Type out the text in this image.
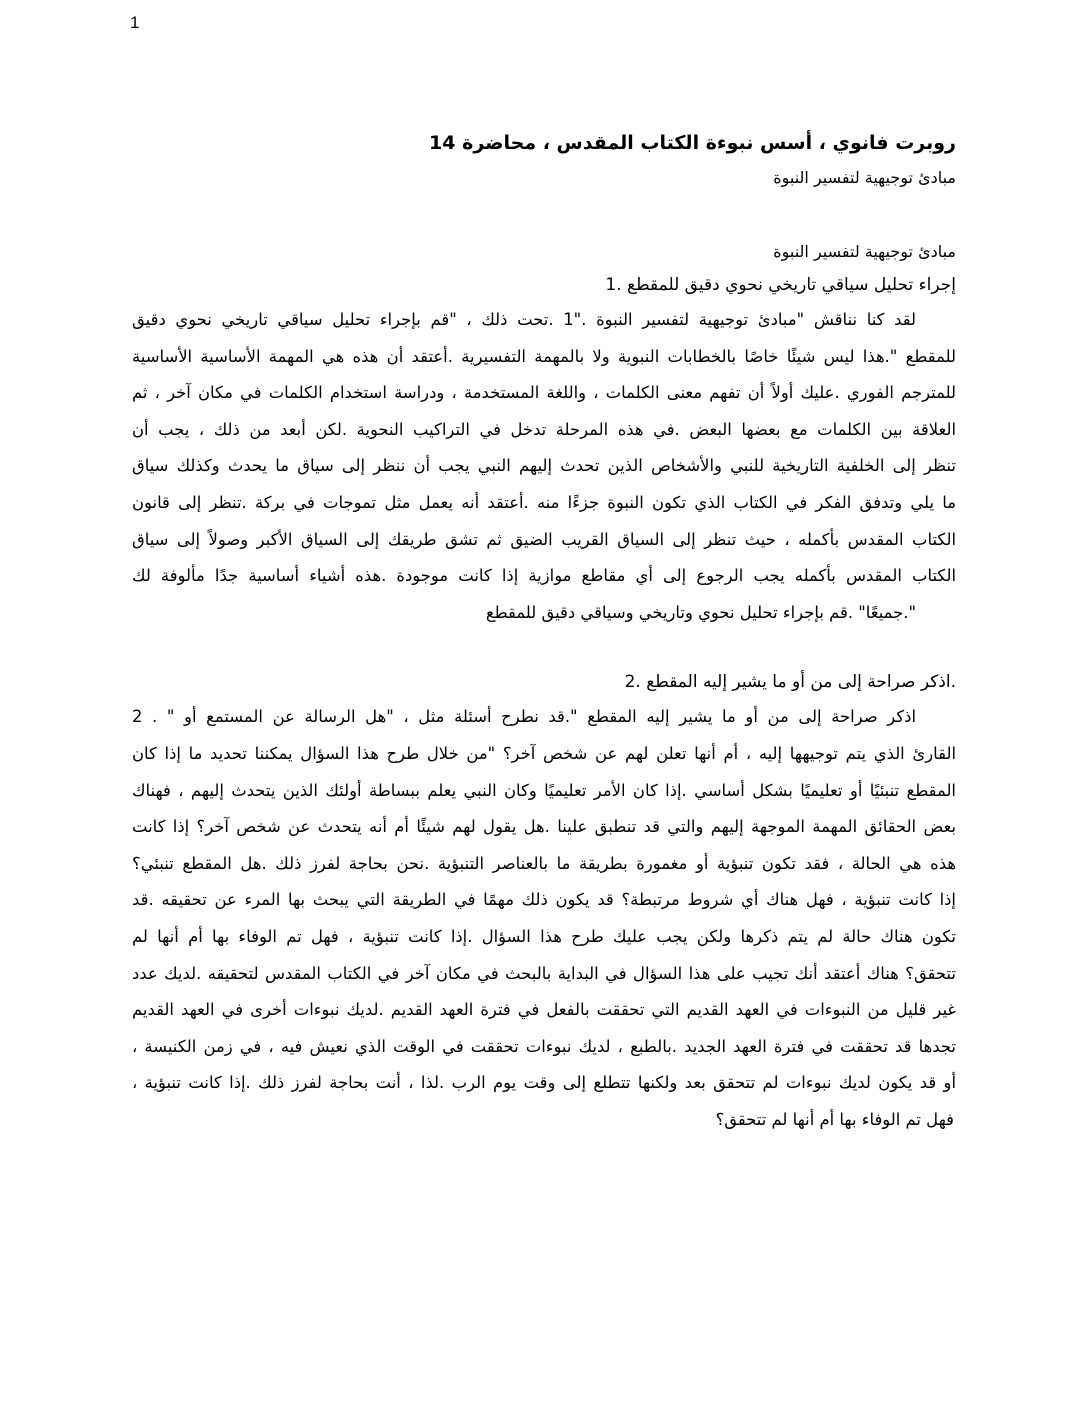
1
روبرت فانوي ، أسس نبوءة الكتاب المقدس ، محاضرة 14

مبادئ توجيهية لتفسير النبوة

مبادئ توجيهية لتفسير النبوة

إجراء تحليل سياقي تاريخي نحوي دقيق للمقطع .1

لقد كنا نناقش "مبادئ توجيهية لتفسير النبوة ."1 .تحت ذلك ، "قم بإجراء تحليل سياقي تاريخي نحوي دقيق
للمقطع ".هذا ليس شيئًا خاصًا بالخطابات النبوية ولا بالمهمة التفسيرية .أعتقد أن هذه هي المهمة الأساسية الأساسية
للمترجم الفوري .عليك أولاً أن تفهم معنى الكلمات ، واللغة المستخدمة ، ودراسة استخدام الكلمات في مكان آخر ، ثم
العلاقة بين الكلمات مع بعضها البعض .في هذه المرحلة تدخل في التراكيب النحوية .لكن أبعد من ذلك ، يجب أن
تنظر إلى الخلفية التاريخية للنبي والأشخاص الذين تحدث إليهم النبي يجب أن ننظر إلى سياق ما يحدث وكذلك سياق
ما يلي وتدفق الفكر في الكتاب الذي تكون النبوة جزءًا منه .أعتقد أنه يعمل مثل تموجات في بركة .تنظر إلى قانون
الكتاب المقدس بأكمله ، حيث تنظر إلى السياق القريب الضيق ثم تشق طريقك إلى السياق الأكبر وصولاً إلى سياق
الكتاب المقدس بأكمله يجب الرجوع إلى أي مقاطع موازية إذا كانت موجودة .هذه أشياء أساسية جدًا مألوفة لك
".جميعًا" .قم بإجراء تحليل نحوي وتاريخي وسياقي دقيق للمقطع

.اذكر صراحة إلى من أو ما يشير إليه المقطع .2

اذكر صراحة إلى من أو ما يشير إليه المقطع ".قد نطرح أسئلة مثل ، "هل الرسالة عن المستمع أو " . 2
القارئ الذي يتم توجيهها إليه ، أم أنها تعلن لهم عن شخص آخر؟ "من خلال طرح هذا السؤال يمكننا تحديد ما إذا كان
المقطع تنبئيًا أو تعليميًا بشكل أساسي .إذا كان الأمر تعليميًا وكان النبي يعلم ببساطة أولئك الذين يتحدث إليهم ، فهناك
بعض الحقائق المهمة الموجهة إليهم والتي قد تنطبق علينا .هل يقول لهم شيئًا أم أنه يتحدث عن شخص آخر؟ إذا كانت
هذه هي الحالة ، فقد تكون تنبؤية أو مغمورة بطريقة ما بالعناصر التنبؤية .نحن بحاجة لفرز ذلك .هل المقطع تنبئي؟
إذا كانت تنبؤية ، فهل هناك أي شروط مرتبطة؟ قد يكون ذلك مهمًا في الطريقة التي يبحث بها المرء عن تحقيقه .قد
تكون هناك حالة لم يتم ذكرها ولكن يجب عليك طرح هذا السؤال .إذا كانت تنبؤية ، فهل تم الوفاء بها أم أنها لم
تتحقق؟ هناك أعتقد أنك تجيب على هذا السؤال في البداية بالبحث في مكان آخر في الكتاب المقدس لتحقيقه .لديك عدد
غير قليل من النبوءات في العهد القديم التي تحققت بالفعل في فترة العهد القديم .لديك نبوءات أخرى في العهد القديم
تجدها قد تحققت في فترة العهد الجديد .بالطبع ، لديك نبوءات تحققت في الوقت الذي نعيش فيه ، في زمن الكنيسة ،
أو قد يكون لديك نبوءات لم تتحقق بعد ولكنها تتطلع إلى وقت يوم الرب .لذا ، أنت بحاجة لفرز ذلك .إذا كانت تنبؤية ،
فهل تم الوفاء بها أم أنها لم تتحقق؟
